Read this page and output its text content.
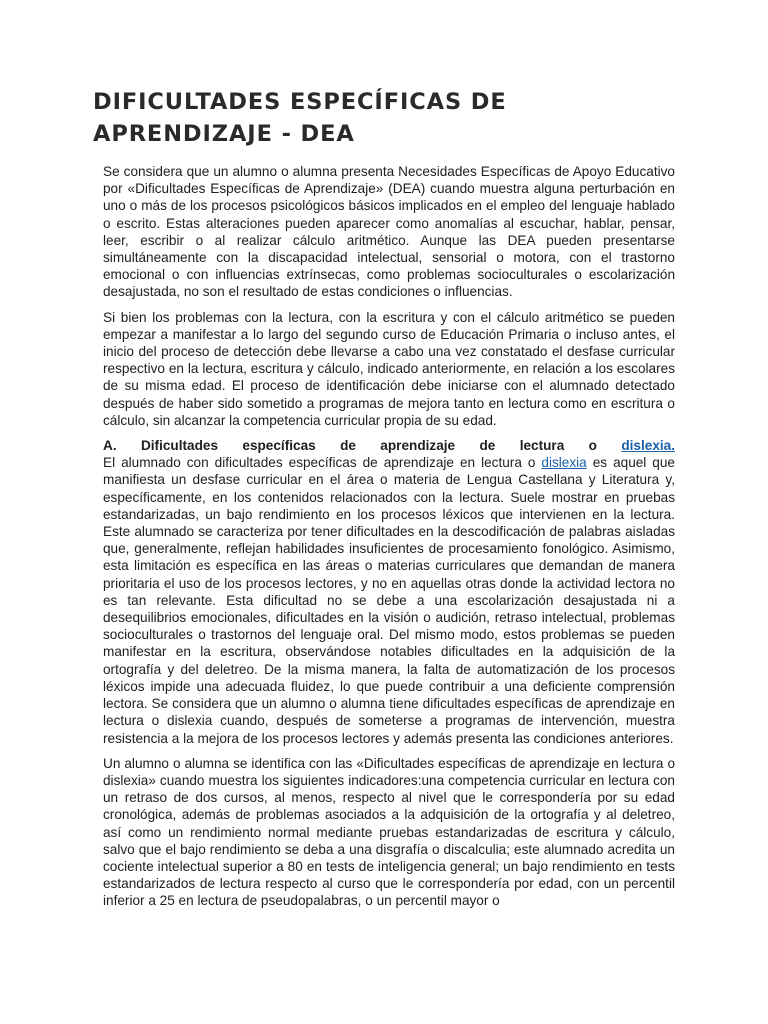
DIFICULTADES ESPECÍFICAS DE APRENDIZAJE - DEA

Se considera que un alumno o alumna presenta Necesidades Específicas de Apoyo Educativo por «Dificultades Específicas de Aprendizaje» (DEA) cuando muestra alguna perturbación en uno o más de los procesos psicológicos básicos implicados en el empleo del lenguaje hablado o escrito. Estas alteraciones pueden aparecer como anomalías al escuchar, hablar, pensar, leer, escribir o al realizar cálculo aritmético. Aunque las DEA pueden presentarse simultáneamente con la discapacidad intelectual, sensorial o motora, con el trastorno emocional o con influencias extrínsecas, como problemas socioculturales o escolarización desajustada, no son el resultado de estas condiciones o influencias.

Si bien los problemas con la lectura, con la escritura y con el cálculo aritmético se pueden empezar a manifestar a lo largo del segundo curso de Educación Primaria o incluso antes, el inicio del proceso de detección debe llevarse a cabo una vez constatado el desfase curricular respectivo en la lectura, escritura y cálculo, indicado anteriormente, en relación a los escolares de su misma edad. El proceso de identificación debe iniciarse con el alumnado detectado después de haber sido sometido a programas de mejora tanto en lectura como en escritura o cálculo, sin alcanzar la competencia curricular propia de su edad.

A. Dificultades específicas de aprendizaje de lectura o dislexia.
El alumnado con dificultades específicas de aprendizaje en lectura o dislexia es aquel que manifiesta un desfase curricular en el área o materia de Lengua Castellana y Literatura y, específicamente, en los contenidos relacionados con la lectura. Suele mostrar en pruebas estandarizadas, un bajo rendimiento en los procesos léxicos que intervienen en la lectura. Este alumnado se caracteriza por tener dificultades en la descodificación de palabras aisladas que, generalmente, reflejan habilidades insuficientes de procesamiento fonológico. Asimismo, esta limitación es específica en las áreas o materias curriculares que demandan de manera prioritaria el uso de los procesos lectores, y no en aquellas otras donde la actividad lectora no es tan relevante. Esta dificultad no se debe a una escolarización desajustada ni a desequilibrios emocionales, dificultades en la visión o audición, retraso intelectual, problemas socioculturales o trastornos del lenguaje oral. Del mismo modo, estos problemas se pueden manifestar en la escritura, observándose notables dificultades en la adquisición de la ortografía y del deletreo. De la misma manera, la falta de automatización de los procesos léxicos impide una adecuada fluidez, lo que puede contribuir a una deficiente comprensión lectora. Se considera que un alumno o alumna tiene dificultades específicas de aprendizaje en lectura o dislexia cuando, después de someterse a programas de intervención, muestra resistencia a la mejora de los procesos lectores y además presenta las condiciones anteriores.

Un alumno o alumna se identifica con las «Dificultades específicas de aprendizaje en lectura o dislexia» cuando muestra los siguientes indicadores:una competencia curricular en lectura con un retraso de dos cursos, al menos, respecto al nivel que le correspondería por su edad cronológica, además de problemas asociados a la adquisición de la ortografía y al deletreo, así como un rendimiento normal mediante pruebas estandarizadas de escritura y cálculo, salvo que el bajo rendimiento se deba a una disgrafía o discalculia; este alumnado acredita un cociente intelectual superior a 80 en tests de inteligencia general; un bajo rendimiento en tests estandarizados de lectura respecto al curso que le correspondería por edad, con un percentil inferior a 25 en lectura de pseudopalabras, o un percentil mayor o
